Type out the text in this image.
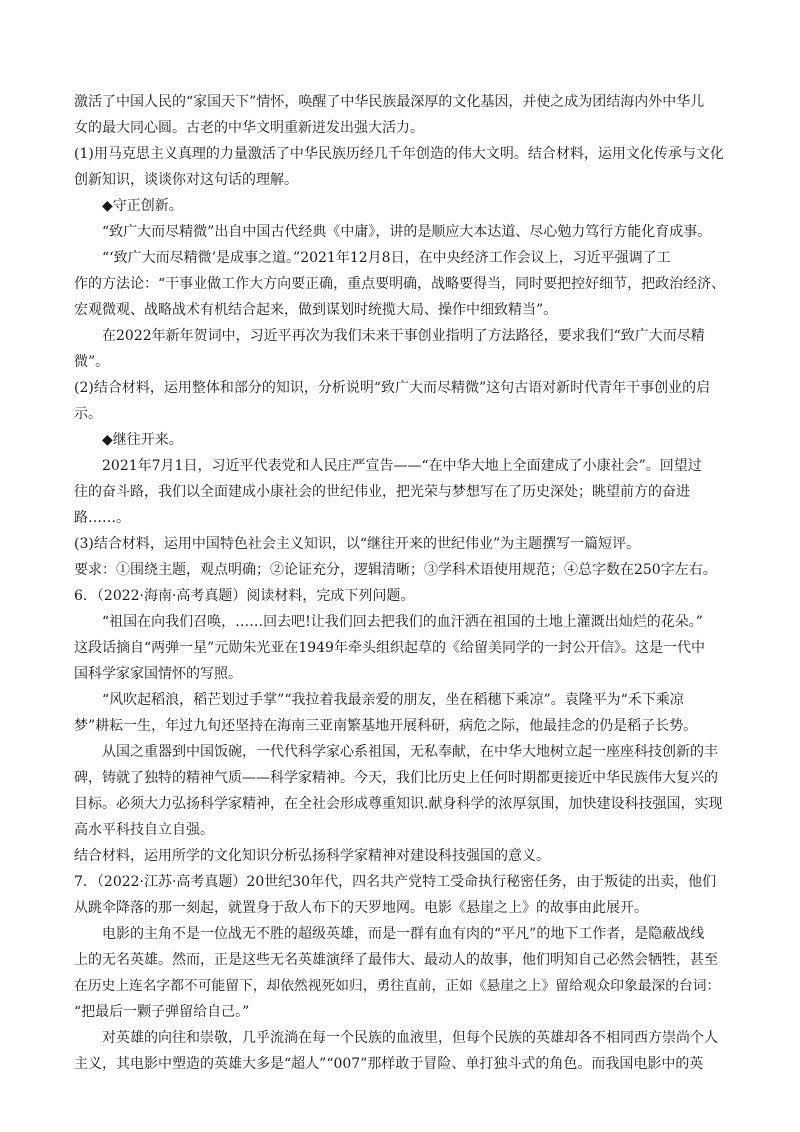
激活了中国人民的“家国天下”情怀，唤醒了中华民族最深厚的文化基因，并使之成为团结海内外中华儿
女的最大同心圆。古老的中华文明重新迸发出强大活力。
(1)用马克思主义真理的力量激活了中华民族历经几千年创造的伟大文明。结合材料，运用文化传承与文化
创新知识，谈谈你对这句话的理解。
◆守正创新。
“致广大而尽精微”出自中国古代经典《中庸》，讲的是顺应大本达道、尽心勉力笃行方能化育成事。
“‘致广大而尽精微’是成事之道。”2021年12月8日，在中央经济工作会议上，习近平强调了工
作的方法论：“干事业做工作大方向要正确，重点要明确，战略要得当，同时要把控好细节，把政治经济、
宏观微观、战略战术有机结合起来，做到谋划时统揽大局、操作中细致精当”。
在2022年新年贺词中，习近平再次为我们未来干事创业指明了方法路径，要求我们“致广大而尽精
微”。
(2)结合材料，运用整体和部分的知识，分析说明“致广大而尽精微”这句古语对新时代青年干事创业的启
示。
◆继往开来。
2021年7月1日，习近平代表党和人民庄严宣告——“在中华大地上全面建成了小康社会”。回望过
往的奋斗路，我们以全面建成小康社会的世纪伟业，把光荣与梦想写在了历史深处；眺望前方的奋进
路……。
(3)结合材料，运用中国特色社会主义知识，以“继往开来的世纪伟业”为主题撰写一篇短评。
要求：①围绕主题，观点明确；②论证充分，逻辑清晰；③学科术语使用规范；④总字数在250字左右。
6．（2022·海南·高考真题）阅读材料，完成下列问题。
“祖国在向我们召唤，……回去吧!让我们回去把我们的血汗洒在祖国的土地上灌溉出灿烂的花朵。”
这段话摘自“两弹一星”元勋朱光亚在1949年牵头组织起草的《给留美同学的一封公开信》。这是一代中
国科学家家国情怀的写照。
“风吹起稻浪，稻芒划过手掌”“我拉着我最亲爱的朋友，坐在稻穗下乘凉”。袁隆平为“禾下乘凉
梦”耕耘一生，年过九旬还坚持在海南三亚南繁基地开展科研，病危之际，他最挂念的仍是稻子长势。
从国之重器到中国饭碗，一代代科学家心系祖国，无私奉献，在中华大地树立起一座座科技创新的丰
碑，铸就了独特的精神气质——科学家精神。今天，我们比历史上任何时期都更接近中华民族伟大复兴的
目标。必须大力弘扬科学家精神，在全社会形成尊重知识.献身科学的浓厚氛围，加快建设科技强国，实现
高水平科技自立自强。
结合材料，运用所学的文化知识分析弘扬科学家精神对建设科技强国的意义。
7．（2022·江苏·高考真题）20世纪30年代，四名共产党特工受命执行秘密任务，由于叛徒的出卖，他们
从跳伞降落的那一刻起，就置身于敌人布下的天罗地网。电影《悬崖之上》的故事由此展开。
电影的主角不是一位战无不胜的超级英雄，而是一群有血有肉的“平凡”的地下工作者，是隐蔽战线
上的无名英雄。然而，正是这些无名英雄演绎了最伟大、最动人的故事，他们明知自己必然会牺牲，甚至
在历史上连名字都不可能留下，却依然视死如归，勇往直前，正如《悬崖之上》留给观众印象最深的台词：
“把最后一颗子弹留给自己。”
对英雄的向往和崇敬，几乎流淌在每一个民族的血液里，但每个民族的英雄却各不相同西方崇尚个人
主义，其电影中塑造的英雄大多是“超人”“007”那样敢于冒险、单打独斗式的角色。而我国电影中的英
